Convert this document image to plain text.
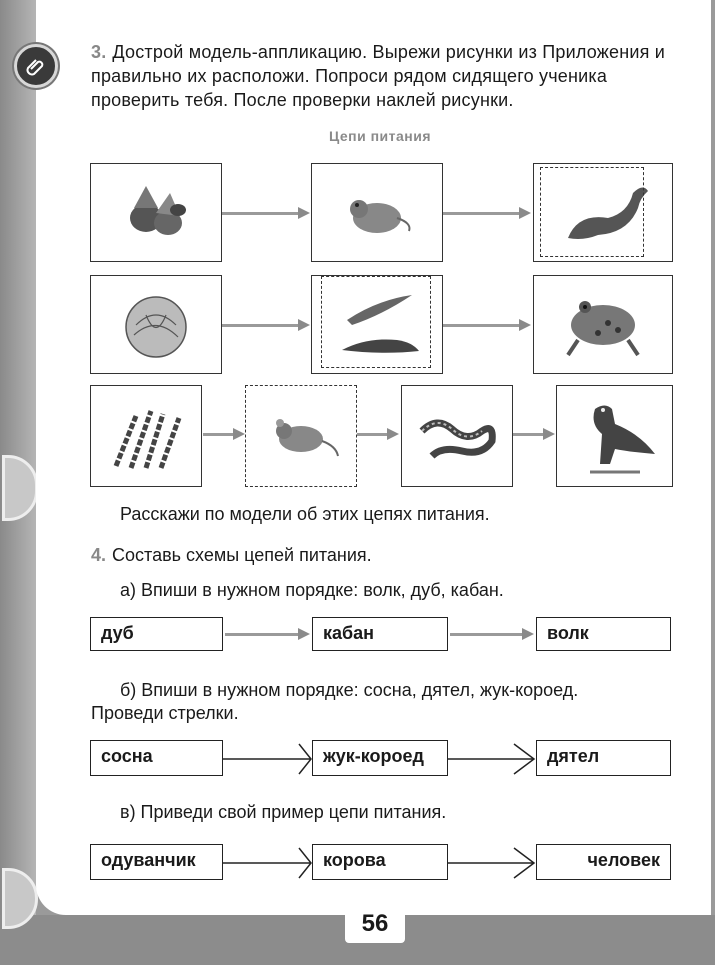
3. Дострой модель-аппликацию. Вырежи рисунки из Приложения и правильно их расположи. Попроси рядом сидящего ученика проверить тебя. После проверки наклей рисунки.
Цепи питания
Расскажи по модели об этих цепях питания.
4. Составь схемы цепей питания.
а) Впиши в нужном порядке: волк, дуб, кабан.
дуб	кабан	волк
б) Впиши в нужном порядке: сосна, дятел, жук-короед.
Проведи стрелки.
сосна	жук-короед	дятел
в) Приведи свой пример цепи питания.
одуванчик	корова	человек
56
